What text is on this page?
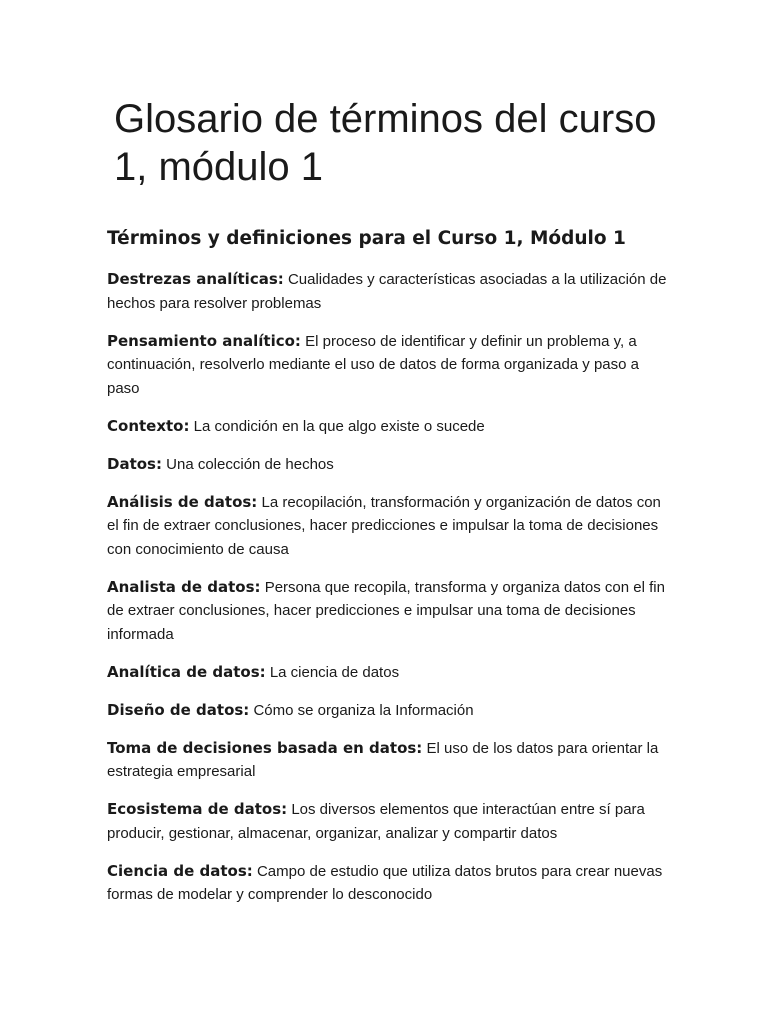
Glosario de términos del curso 1, módulo 1
Términos y definiciones para el Curso 1, Módulo 1
Destrezas analíticas: Cualidades y características asociadas a la utilización de hechos para resolver problemas
Pensamiento analítico: El proceso de identificar y definir un problema y, a continuación, resolverlo mediante el uso de datos de forma organizada y paso a paso
Contexto: La condición en la que algo existe o sucede
Datos: Una colección de hechos
Análisis de datos: La recopilación, transformación y organización de datos con el fin de extraer conclusiones, hacer predicciones e impulsar la toma de decisiones con conocimiento de causa
Analista de datos: Persona que recopila, transforma y organiza datos con el fin de extraer conclusiones, hacer predicciones e impulsar una toma de decisiones informada
Analítica de datos: La ciencia de datos
Diseño de datos: Cómo se organiza la Información
Toma de decisiones basada en datos: El uso de los datos para orientar la estrategia empresarial
Ecosistema de datos: Los diversos elementos que interactúan entre sí para producir, gestionar, almacenar, organizar, analizar y compartir datos
Ciencia de datos: Campo de estudio que utiliza datos brutos para crear nuevas formas de modelar y comprender lo desconocido
